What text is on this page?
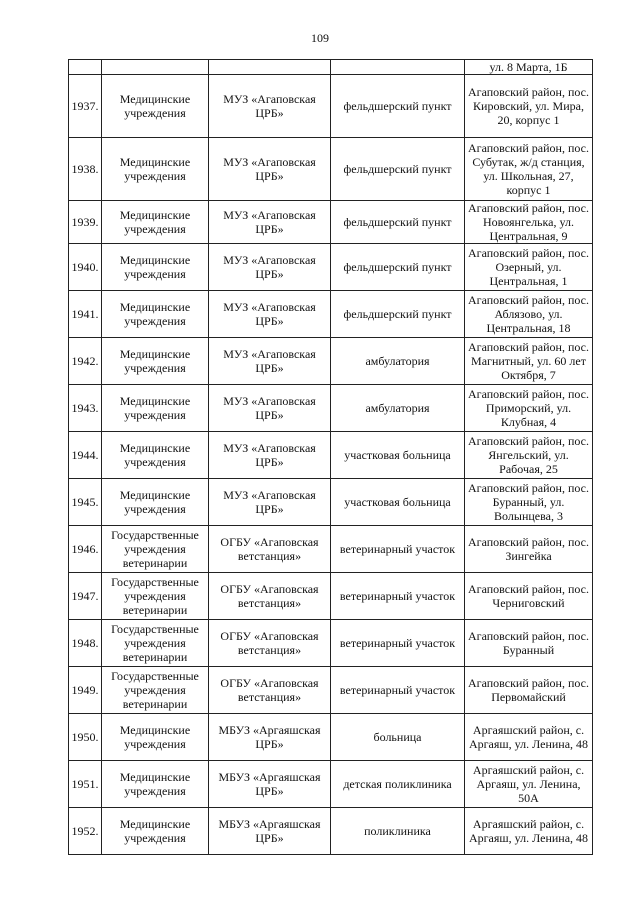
109
				ул. 8 Марта, 1Б
1937.	Медицинские учреждения	МУЗ «Агаповская ЦРБ»	фельдшерский пункт	Агаповский район, пос. Кировский, ул. Мира, 20, корпус 1
1938.	Медицинские учреждения	МУЗ «Агаповская ЦРБ»	фельдшерский пункт	Агаповский район, пос. Субутак, ж/д станция, ул. Школьная, 27, корпус 1
1939.	Медицинские учреждения	МУЗ «Агаповская ЦРБ»	фельдшерский пункт	Агаповский район, пос. Новоянгелька, ул. Центральная, 9
1940.	Медицинские учреждения	МУЗ «Агаповская ЦРБ»	фельдшерский пункт	Агаповский район, пос. Озерный, ул. Центральная, 1
1941.	Медицинские учреждения	МУЗ «Агаповская ЦРБ»	фельдшерский пункт	Агаповский район, пос. Аблязово, ул. Центральная, 18
1942.	Медицинские учреждения	МУЗ «Агаповская ЦРБ»	амбулатория	Агаповский район, пос. Магнитный, ул. 60 лет Октября, 7
1943.	Медицинские учреждения	МУЗ «Агаповская ЦРБ»	амбулатория	Агаповский район, пос. Приморский, ул. Клубная, 4
1944.	Медицинские учреждения	МУЗ «Агаповская ЦРБ»	участковая больница	Агаповский район, пос. Янгельский, ул. Рабочая, 25
1945.	Медицинские учреждения	МУЗ «Агаповская ЦРБ»	участковая больница	Агаповский район, пос. Буранный, ул. Волынцева, 3
1946.	Государственные учреждения ветеринарии	ОГБУ «Агаповская ветстанция»	ветеринарный участок	Агаповский район, пос. Зингейка
1947.	Государственные учреждения ветеринарии	ОГБУ «Агаповская ветстанция»	ветеринарный участок	Агаповский район, пос. Черниговский
1948.	Государственные учреждения ветеринарии	ОГБУ «Агаповская ветстанция»	ветеринарный участок	Агаповский район, пос. Буранный
1949.	Государственные учреждения ветеринарии	ОГБУ «Агаповская ветстанция»	ветеринарный участок	Агаповский район, пос. Первомайский
1950.	Медицинские учреждения	МБУЗ «Аргаяшская ЦРБ»	больница	Аргаяшский район, с. Аргаяш, ул. Ленина, 48
1951.	Медицинские учреждения	МБУЗ «Аргаяшская ЦРБ»	детская поликлиника	Аргаяшский район, с. Аргаяш, ул. Ленина, 50А
1952.	Медицинские учреждения	МБУЗ «Аргаяшская ЦРБ»	поликлиника	Аргаяшский район, с. Аргаяш, ул. Ленина, 48
